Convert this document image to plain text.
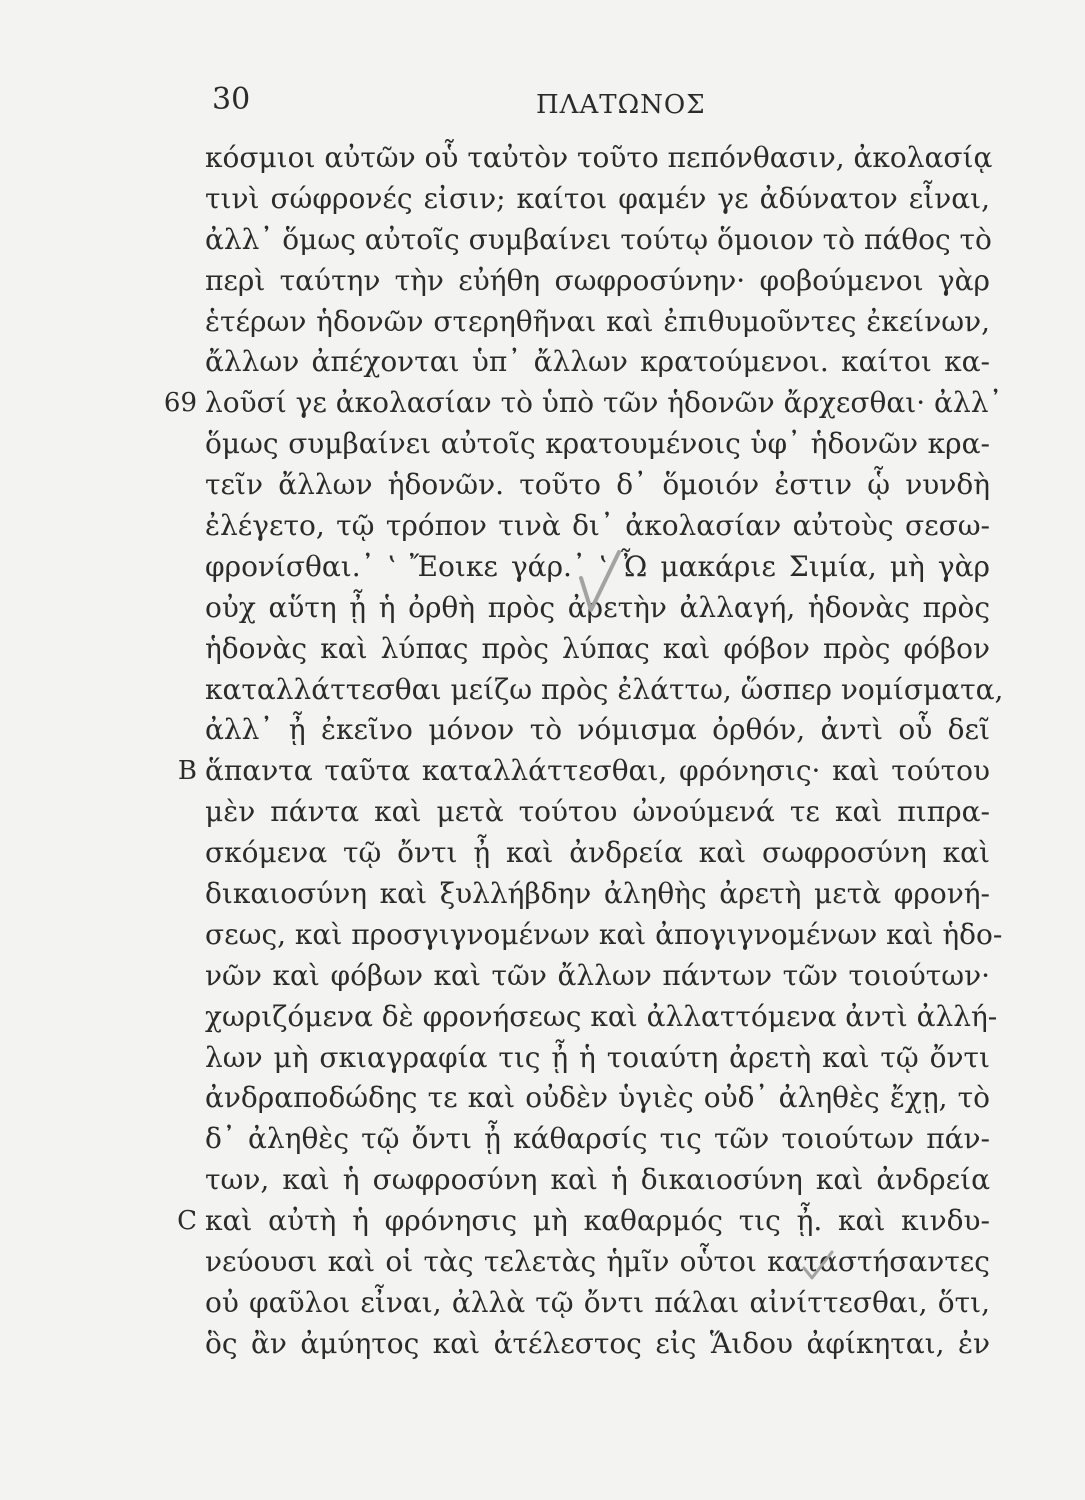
30	ΠΛΑΤΩΝΟΣ
κόσμιοι αὐτῶν οὗ ταὐτὸν τοῦτο πεπόνθασιν, ἀκολασίᾳ
τινὶ σώφρονές εἰσιν; καίτοι φαμέν γε ἀδύνατον εἶναι,
ἀλλ᾽ ὅμως αὐτοῖς συμβαίνει τούτῳ ὅμοιον τὸ πάθος τὸ
περὶ ταύτην τὴν εὐήθη σωφροσύνην· φοβούμενοι γὰρ
ἑτέρων ἡδονῶν στερηθῆναι καὶ ἐπιθυμοῦντες ἐκείνων,
ἄλλων ἀπέχονται ὑπ᾽ ἄλλων κρατούμενοι. καίτοι κα-
69 λοῦσί γε ἀκολασίαν τὸ ὑπὸ τῶν ἡδονῶν ἄρχεσθαι· ἀλλ᾽
ὅμως συμβαίνει αὐτοῖς κρατουμένοις ὑφ᾽ ἡδονῶν κρα-
τεῖν ἄλλων ἡδονῶν. τοῦτο δ᾽ ὅμοιόν ἐστιν ᾧ νυνδὴ
ἐλέγετο, τῷ τρόπον τινὰ δι᾽ ἀκολασίαν αὐτοὺς σεσω-
φρονίσθαι.᾽ ‛ Ἔοικε γάρ.᾽ ‛ Ὦ μακάριε Σιμία, μὴ γὰρ
οὐχ αὕτη ᾖ ἡ ὀρθὴ πρὸς ἀρετὴν ἀλλαγή, ἡδονὰς πρὸς
ἡδονὰς καὶ λύπας πρὸς λύπας καὶ φόβον πρὸς φόβον
καταλλάττεσθαι μείζω πρὸς ἐλάττω, ὥσπερ νομίσματα,
ἀλλ᾽ ᾖ ἐκεῖνο μόνον τὸ νόμισμα ὀρθόν, ἀντὶ οὗ δεῖ
B ἅπαντα ταῦτα καταλλάττεσθαι, φρόνησις· καὶ τούτου
μὲν πάντα καὶ μετὰ τούτου ὠνούμενά τε καὶ πιπρα-
σκόμενα τῷ ὄντι ᾖ καὶ ἀνδρεία καὶ σωφροσύνη καὶ
δικαιοσύνη καὶ ξυλλήβδην ἀληθὴς ἀρετὴ μετὰ φρονή-
σεως, καὶ προσγιγνομένων καὶ ἀπογιγνομένων καὶ ἡδο-
νῶν καὶ φόβων καὶ τῶν ἄλλων πάντων τῶν τοιούτων·
χωριζόμενα δὲ φρονήσεως καὶ ἀλλαττόμενα ἀντὶ ἀλλή-
λων μὴ σκιαγραφία τις ᾖ ἡ τοιαύτη ἀρετὴ καὶ τῷ ὄντι
ἀνδραποδώδης τε καὶ οὐδὲν ὑγιὲς οὐδ᾽ ἀληθὲς ἔχῃ, τὸ
δ᾽ ἀληθὲς τῷ ὄντι ᾖ κάθαρσίς τις τῶν τοιούτων πάν-
των, καὶ ἡ σωφροσύνη καὶ ἡ δικαιοσύνη καὶ ἀνδρεία
C καὶ αὐτὴ ἡ φρόνησις μὴ καθαρμός τις ᾖ. καὶ κινδυ-
νεύουσι καὶ οἱ τὰς τελετὰς ἡμῖν οὗτοι καταστήσαντες
οὐ φαῦλοι εἶναι, ἀλλὰ τῷ ὄντι πάλαι αἰνίττεσθαι, ὅτι,
ὃς ἂν ἀμύητος καὶ ἀτέλεστος εἰς Ἅιδου ἀφίκηται, ἐν
